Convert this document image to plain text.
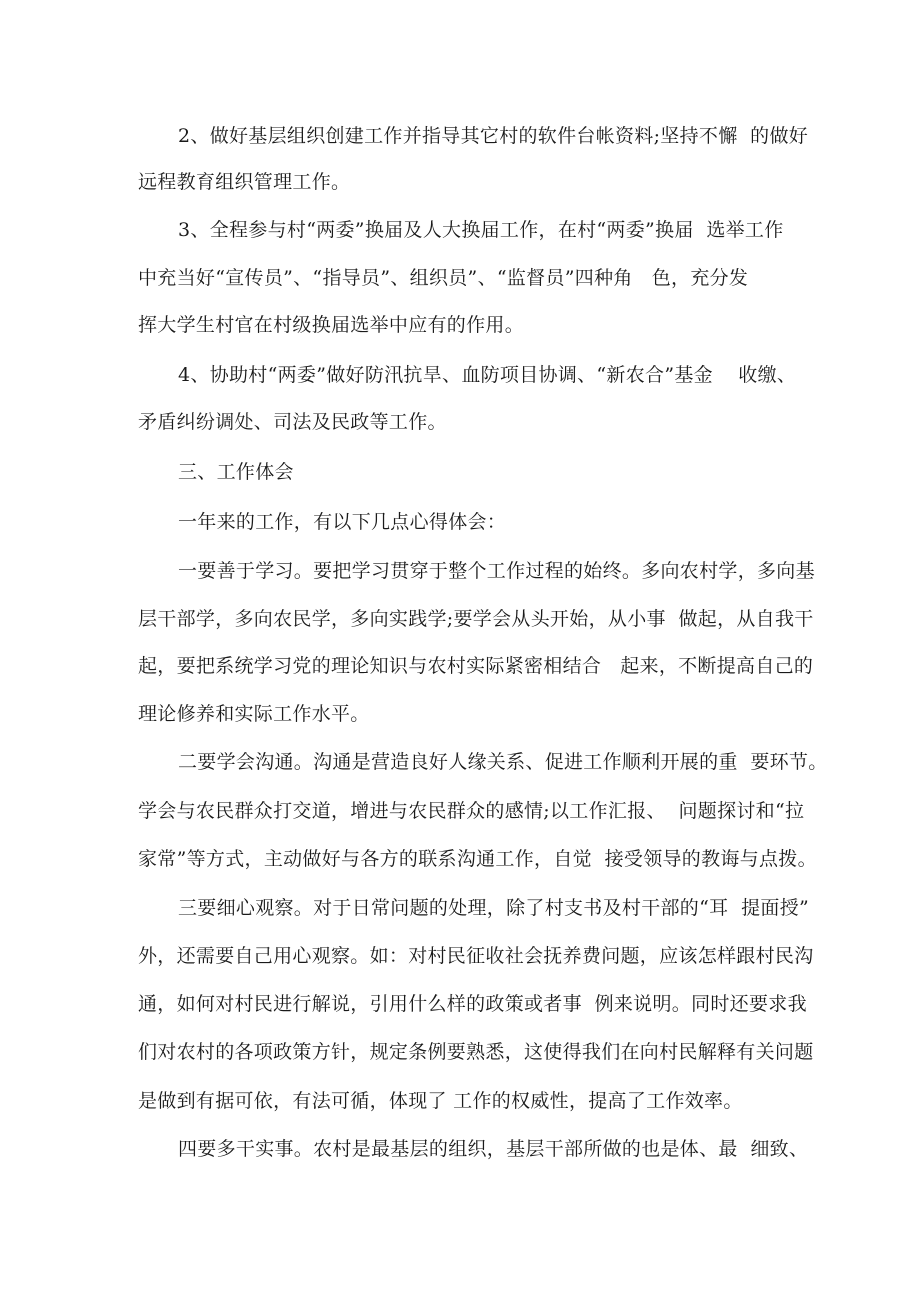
2、做好基层组织创建工作并指导其它村的软件台帐资料;坚持不懈  的做好
远程教育组织管理工作。
3、全程参与村“两委”换届及人大换届工作，在村“两委”换届  选举工作
中充当好“宣传员”、“指导员”、组织员”、“监督员”四种角   色，充分发
挥大学生村官在村级换届选举中应有的作用。
4、协助村“两委”做好防汛抗旱、血防项目协调、“新农合”基金    收缴、
矛盾纠纷调处、司法及民政等工作。
三、工作体会
一年来的工作，有以下几点心得体会：
一要善于学习。要把学习贯穿于整个工作过程的始终。多向农村学，多向基
层干部学，多向农民学，多向实践学;要学会从头开始，从小事  做起，从自我干
起，要把系统学习党的理论知识与农村实际紧密相结合   起来，不断提高自己的
理论修养和实际工作水平。
二要学会沟通。沟通是营造良好人缘关系、促进工作顺利开展的重  要环节。
学会与农民群众打交道，增进与农民群众的感情;以工作汇报、  问题探讨和“拉
家常”等方式，主动做好与各方的联系沟通工作，自觉  接受领导的教诲与点拨。
三要细心观察。对于日常问题的处理，除了村支书及村干部的“耳  提面授”
外，还需要自己用心观察。如：对村民征收社会抚养费问题，应该怎样跟村民沟
通，如何对村民进行解说，引用什么样的政策或者事  例来说明。同时还要求我
们对农村的各项政策方针，规定条例要熟悉，这使得我们在向村民解释有关问题
是做到有据可依，有法可循，体现了 工作的权威性，提高了工作效率。
四要多干实事。农村是最基层的组织，基层干部所做的也是体、最  细致、
